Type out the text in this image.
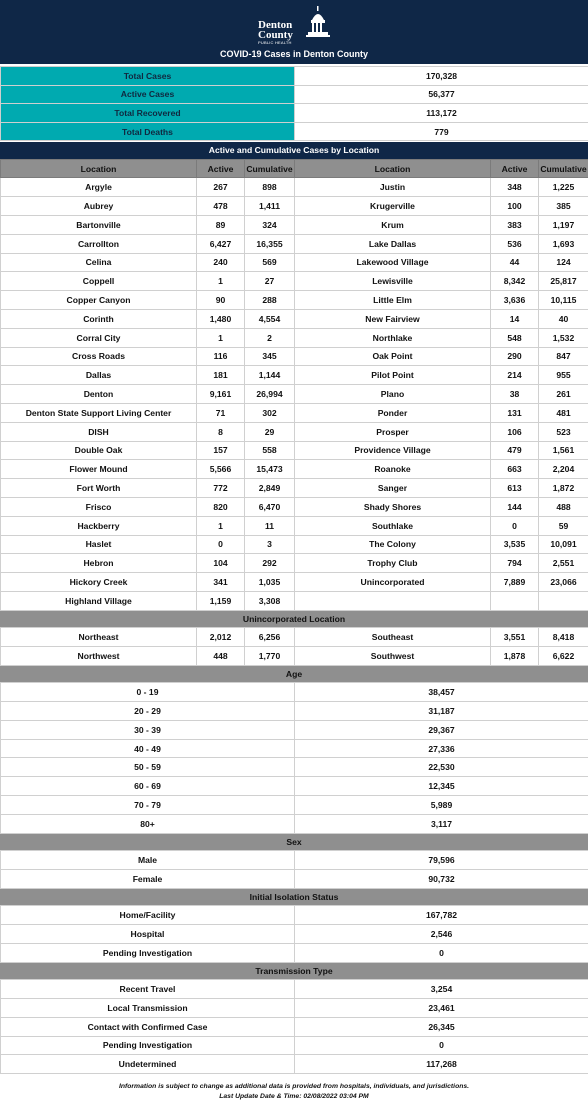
Denton
County
PUBLIC HEALTH
COVID-19 Cases in Denton County
Total Cases	170,328
Active Cases	56,377
Total Recovered	113,172
Total Deaths	779
Active and Cumulative Cases by Location
Location	Active	Cumulative	Location	Active	Cumulative
Argyle	267	898	Justin	348	1,225
Aubrey	478	1,411	Krugerville	100	385
Bartonville	89	324	Krum	383	1,197
Carrollton	6,427	16,355	Lake Dallas	536	1,693
Celina	240	569	Lakewood Village	44	124
Coppell	1	27	Lewisville	8,342	25,817
Copper Canyon	90	288	Little Elm	3,636	10,115
Corinth	1,480	4,554	New Fairview	14	40
Corral City	1	2	Northlake	548	1,532
Cross Roads	116	345	Oak Point	290	847
Dallas	181	1,144	Pilot Point	214	955
Denton	9,161	26,994	Plano	38	261
Denton State Support Living Center	71	302	Ponder	131	481
DISH	8	29	Prosper	106	523
Double Oak	157	558	Providence Village	479	1,561
Flower Mound	5,566	15,473	Roanoke	663	2,204
Fort Worth	772	2,849	Sanger	613	1,872
Frisco	820	6,470	Shady Shores	144	488
Hackberry	1	11	Southlake	0	59
Haslet	0	3	The Colony	3,535	10,091
Hebron	104	292	Trophy Club	794	2,551
Hickory Creek	341	1,035	Unincorporated	7,889	23,066
Highland Village	1,159	3,308			
Unincorporated Location
Northeast	2,012	6,256	Southeast	3,551	8,418
Northwest	448	1,770	Southwest	1,878	6,622
Age
0 - 19	38,457
20 - 29	31,187
30 - 39	29,367
40 - 49	27,336
50 - 59	22,530
60 - 69	12,345
70 - 79	5,989
80+	3,117
Sex
Male	79,596
Female	90,732
Initial Isolation Status
Home/Facility	167,782
Hospital	2,546
Pending Investigation	0
Transmission Type
Recent Travel	3,254
Local Transmission	23,461
Contact with Confirmed Case	26,345
Pending Investigation	0
Undetermined	117,268
Information is subject to change as additional data is provided from hospitals, individuals, and jurisdictions.
Last Update Date & Time: 02/08/2022 03:04 PM
